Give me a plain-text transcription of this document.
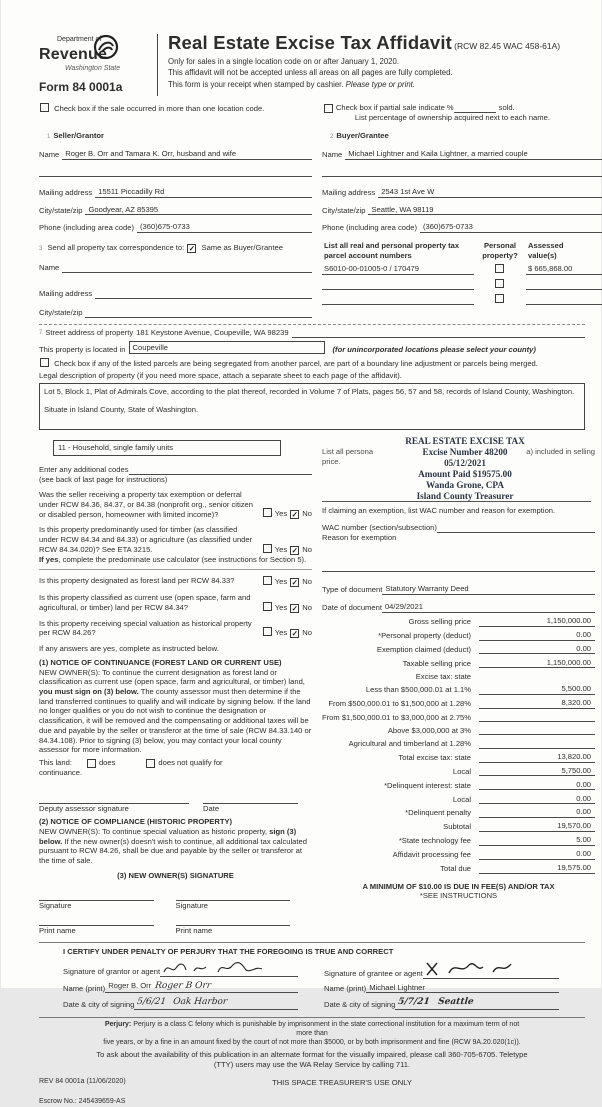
Department of
Revenue
Washington State
Form 84 0001a
Real Estate Excise Tax Affidavit (RCW 82.45 WAC 458-61A)
Only for sales in a single location code on or after January 1, 2020.
This affidavit will not be accepted unless all areas on all pages are fully completed.
This form is your receipt when stamped by cashier. Please type or print.
Check box if the sale occurred in more than one location code.	Check box if partial sale indicate %	sold.
List percentage of ownership acquired next to each name.
1 Seller/Grantor
Name Roger B. Orr and Tamara K. Orr, husband and wife
Mailing address 15511 Piccadilly Rd
City/state/zip Goodyear, AZ 85395
Phone (including area code) (360)675-0733
3 Send all property tax correspondence to: ✓ Same as Buyer/Grantee
Name
Mailing address
City/state/zip
2 Buyer/Grantee
Name Michael Lightner and Kaila Lightner, a married couple
Mailing address 2543 1st Ave W
City/state/zip Seattle, WA 98119
Phone (including area code) (360)675-0733
List all real and personal property tax
parcel account numbers
Personal
property?
Assessed
value(s)
S6010-00-01005-0 / 170479	$ 665,868.00
7 Street address of property 181 Keystone Avenue, Coupeville, WA 98239
This property is located in Coupeville	(for unincorporated locations please select your county)
Check box if any of the listed parcels are being segregated from another parcel, are part of a boundary line adjustment or parcels being merged.
Legal description of property (if you need more space, attach a separate sheet to each page of the affidavit).
Lot 5, Block 1, Plat of Admirals Cove, according to the plat thereof, recorded in Volume 7 of Plats, pages 56, 57 and 58, records of Island County, Washington.
Situate in Island County, State of Washington.
11 - Household, single family units
Enter any additional codes
(see back of last page for instructions)
Was the seller receiving a property tax exemption or deferral under RCW 84.36, 84.37, or 84.38 (nonprofit org., senior citizen or disabled person, homeowner with limited income)?	Yes ✓ No
Is this property predominantly used for timber (as classified under RCW 84.34 and 84.33) or agriculture (as classified under RCW 84.34.020)? See ETA 3215.	Yes ✓ No
If yes, complete the predominate use calculator (see instructions for Section 5).
Is this property designated as forest land per RCW 84.33?	Yes ✓ No
Is this property classified as current use (open space, farm and agricultural, or timber) land per RCW 84.34?	Yes ✓ No
Is this property receiving special valuation as historical property per RCW 84.26?	Yes ✓ No
If any answers are yes, complete as instructed below.
(1) NOTICE OF CONTINUANCE (FOREST LAND OR CURRENT USE)
NEW OWNER(S): To continue the current designation as forest land or classification as current use (open space, farm and agricultural, or timber) land, you must sign on (3) below. The county assessor must then determine if the land transferred continues to qualify and will indicate by signing below. If the land no longer qualifies or you do not wish to continue the designation or classification, it will be removed and the compensating or additional taxes will be due and payable by the seller or transferor at the time of sale (RCW 84.33.140 or 84.34.108). Prior to signing (3) below, you may contact your local county assessor for more information.
This land:	does	does not qualify for
continuance.
Deputy assessor signature	Date
(2) NOTICE OF COMPLIANCE (HISTORIC PROPERTY)
NEW OWNER(S): To continue special valuation as historic property, sign (3) below. If the new owner(s) doesn't wish to continue, all additional tax calculated pursuant to RCW 84.26, shall be due and payable by the seller or transferor at the time of sale.
(3) NEW OWNER(S) SIGNATURE
Signature	Signature
Print name	Print name
List all persona	a) included in selling
price.
REAL ESTATE EXCISE TAX
Excise Number 48200
05/12/2021
Amount Paid $19575.00
Wanda Grone, CPA
Island County Treasurer
If claiming an exemption, list WAC number and reason for exemption.
WAC number (section/subsection)
Reason for exemption
Type of document Statutory Warranty Deed
Date of document 04/29/2021
Gross selling price	1,150,000.00
*Personal property (deduct)	0.00
Exemption claimed (deduct)	0.00
Taxable selling price	1,150,000.00
Excise tax: state
Less than $500,000.01 at 1.1%	5,500.00
From $500,000.01 to $1,500,000 at 1.28%	8,320.00
From $1,500,000.01 to $3,000,000 at 2.75%
Above $3,000,000 at 3%
Agricultural and timberland at 1.28%
Total excise tax: state	13,820.00
Local	5,750.00
*Delinquent interest: state	0.00
Local	0.00
*Delinquent penalty	0.00
Subtotal	19,570.00
*State technology fee	5.00
Affidavit processing fee	0.00
Total due	19,575.00
A MINIMUM OF $10.00 IS DUE IN FEE(S) AND/OR TAX
*SEE INSTRUCTIONS
I CERTIFY UNDER PENALTY OF PERJURY THAT THE FOREGOING IS TRUE AND CORRECT
Signature of grantor or agent
Name (print) Roger B. Orr Roger B Orr
Date & city of signing 5/6/21 Oak Harbor
Signature of grantee or agent
Name (print) Michael Lightner
Date & city of signing 5/7/21 Seattle
Perjury: Perjury is a class C felony which is punishable by imprisonment in the state correctional institution for a maximum term of not
more than
five years, or by a fine in an amount fixed by the court of not more than $5000, or by both imprisonment and fine (RCW 9A.20.020(1c)).
To ask about the availability of this publication in an alternate format for the visually impaired, please call 360-705-6705. Teletype
(TTY) users may use the WA Relay Service by calling 711.
REV 84 0001a (11/06/2020)	THIS SPACE TREASURER'S USE ONLY
Escrow No.: 245439659-AS
